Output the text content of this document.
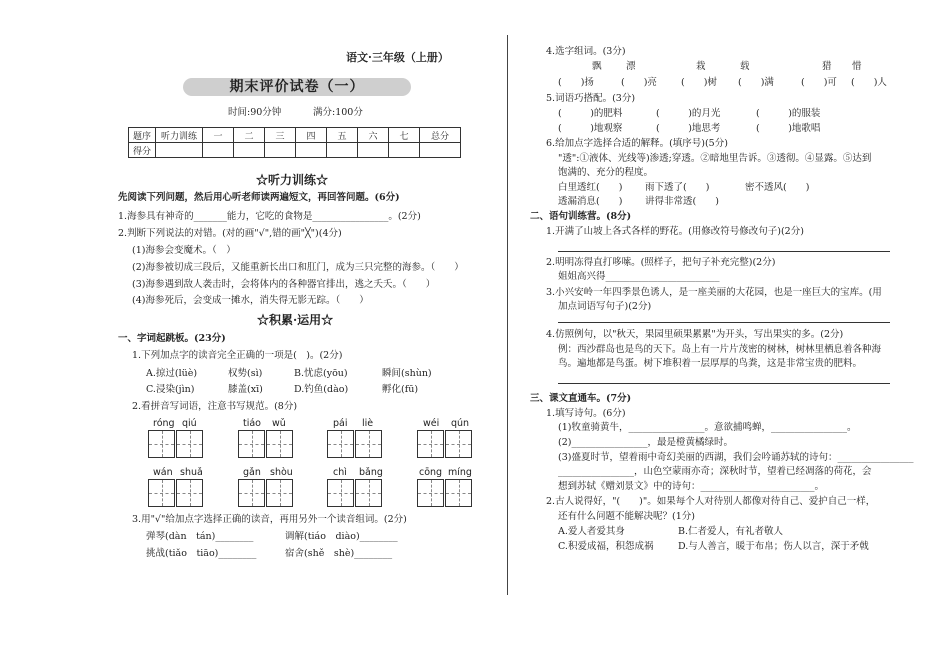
语文·三年级（上册）
期末评价试卷（一）
时间:90分钟	满分:100分
题序	听力训练	一	二	三	四	五	六	七	总分
得分									
☆听力训练☆
先阅读下列问题，然后用心听老师读两遍短文，再回答问题。(6分)
1.海参具有神奇的_______能力，它吃的食物是________________。(2分)
2.判断下列说法的对错。(对的画"√",错的画"╳")(4分)
(1)海参会变魔术。（　）
(2)海参被切成三段后，又能重新长出口和肛门，成为三只完整的海参。（　　）
(3)海参遇到敌人袭击时，会将体内的各种器官排出，逃之夭夭。（　　）
(4)海参死后，会变成一摊水，消失得无影无踪。（　　）
☆积累·运用☆
一、字词起跳板。(23分)
1.下列加点字的读音完全正确的一项是(　)。(2分)
A.掠过(lüè)	权势(sì)	B.忧虑(yōu)	瞬间(shùn)
C.浸染(jìn)	膝盖(xī)	D.钓鱼(dào)	孵化(fū)
2.看拼音写词语，注意书写规范。(8分)
róng qiú	tiáo wǔ	pái liè	wéi qún
wán shuǎ	gǎn shòu	chì bǎng	cōng míng
3.用"√"给加点字选择正确的读音，再用另外一个读音组词。(2分)
弹琴(dàn　tán)________	调解(tiáo　diào)________
挑战(tiǎo　tiāo)________	宿舍(shě　shè)________
4.选字组词。(3分)
飘	漂	栽	载	猎 惜
(　　)扬	(　　)亮	(　　)树 (　　)满	(　　)可 (　　)人
5.词语巧搭配。(3分)
(　　　)的肥料	(　　　)的月光	(　　　)的服装
(　　　)地观察	(　　　)地思考	(　　　)地歌唱
6.给加点字选择合适的解释。(填序号)(5分)
"透":①液体、光线等)渗透;穿透。②暗地里告诉。③透彻。④显露。⑤达到
饱满的、充分的程度。
白里透红(　　) 雨下透了(　　)	密不透风(　　)
透漏消息(　　) 讲得非常透(　　)
二、语句训练营。(8分)
1.开满了山坡上各式各样的野花。(用修改符号修改句子)(2分)
2.明明冻得直打哆嗦。(照样子，把句子补充完整)(2分)
姐姐高兴得________________________
3.小兴安岭一年四季景色诱人，是一座美丽的大花园，也是一座巨大的宝库。(用
加点词语写句子)(2分)
4.仿照例句，以"秋天，果园里硕果累累"为开头，写出果实的多。(2分)
例：西沙群岛也是鸟的天下。岛上有一片片茂密的树林，树林里栖息着各种海
鸟。遍地都是鸟蛋。树下堆积着一层厚厚的鸟粪，这是非常宝贵的肥料。
三、课文直通车。(7分)
1.填写诗句。(6分)
(1)牧童骑黄牛，________________。意欲捕鸣蝉，________________。
(2)________________，最是橙黄橘绿时。
(3)盛夏时节，望着雨中奇幻美丽的西湖，我们会吟诵苏轼的诗句：________________
________________，山色空蒙雨亦奇；深秋时节，望着已经凋落的荷花，会
想到苏轼《赠刘景文》中的诗句：________________________。
2.古人说得好，"(　　)"。如果每个人对待别人都像对待自己、爱护自己一样，
还有什么问题不能解决呢？(1分)
A.爱人者爱其身	B.仁者爱人，有礼者敬人
C.积爱成福，积怨成祸	D.与人善言，暖于布帛；伤人以言，深于矛戟
